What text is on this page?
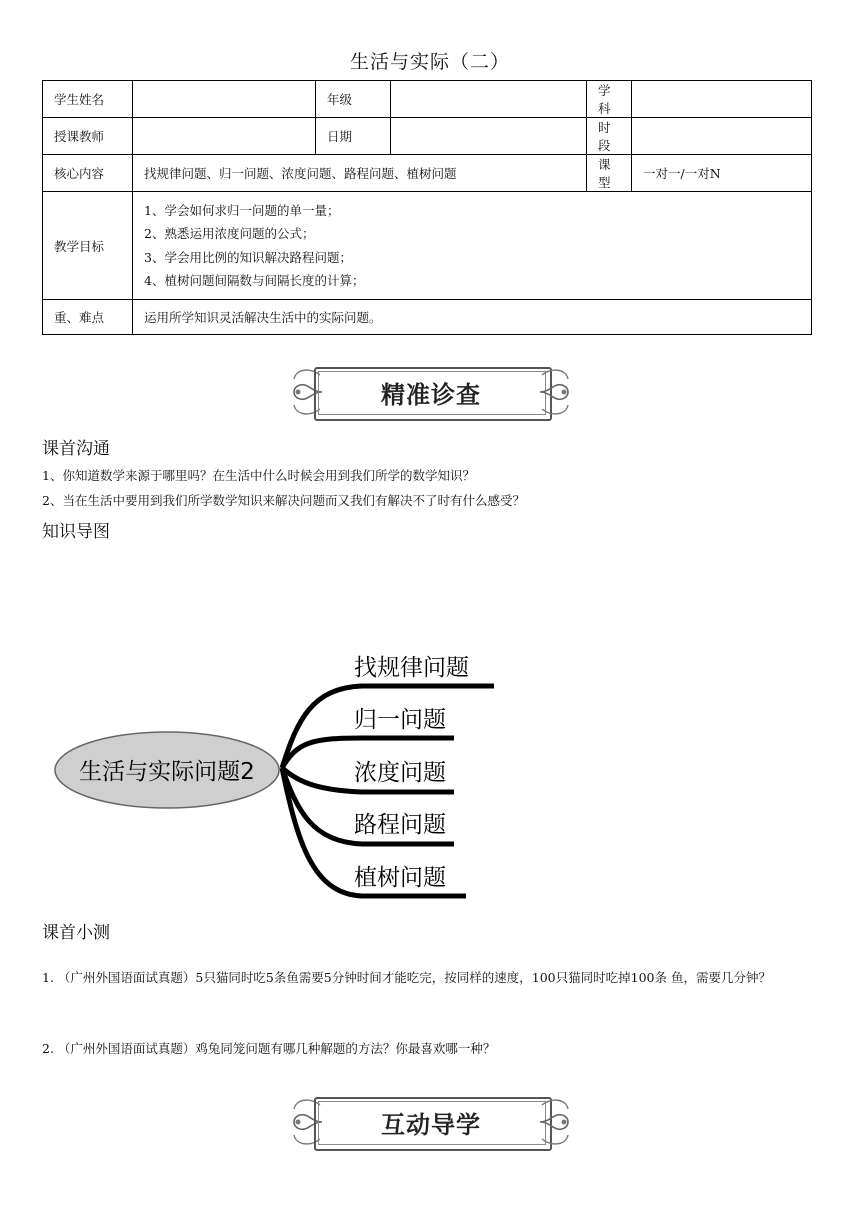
生活与实际（二）
学生姓名		年级		学科	
授课教师		日期		时段	
核心内容	找规律问题、归一问题、浓度问题、路程问题、植树问题			课型	一对一/一对N
教学目标	1、学会如何求归一问题的单一量；
2、熟悉运用浓度问题的公式；
3、学会用比例的知识解决路程问题；
4、植树问题间隔数与间隔长度的计算；				

重、难点	运用所学知识灵活解决生活中的实际问题。				
精准诊查
课首沟通
1、你知道数学来源于哪里吗？在生活中什么时候会用到我们所学的数学知识？
2、当在生活中要用到我们所学数学知识来解决问题而又我们有解决不了时有什么感受？
知识导图
生活与实际问题2
找规律问题
归一问题
浓度问题
路程问题
植树问题
课首小测
1. （广州外国语面试真题）5只猫同时吃5条鱼需要5分钟时间才能吃完，按同样的速度，100只猫同时吃掉100条 鱼，需要几分钟？
2. （广州外国语面试真题）鸡兔同笼问题有哪几种解题的方法？你最喜欢哪一种？
互动导学
